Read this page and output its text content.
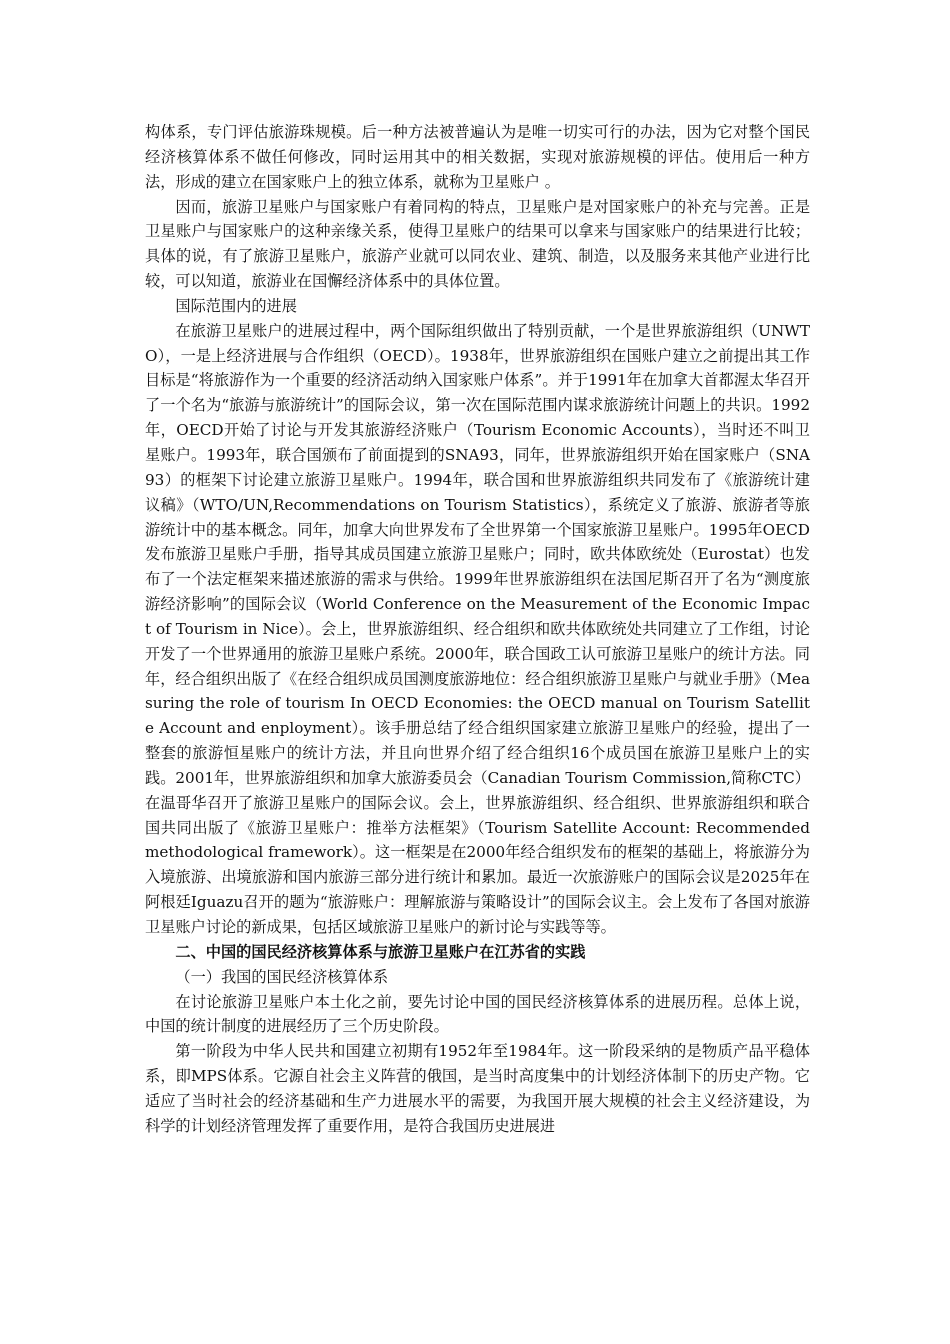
构体系，专门评估旅游珠规模。后一种方法被普遍认为是唯一切实可行的办法，因为它对整个国民经济核算体系不做任何修改，同时运用其中的相关数据，实现对旅游规模的评估。使用后一种方法，形成的建立在国家账户上的独立体系，就称为卫星账户 。

因而，旅游卫星账户与国家账户有着同构的特点，卫星账户是对国家账户的补充与完善。正是卫星账户与国家账户的这种亲缘关系，使得卫星账户的结果可以拿来与国家账户的结果进行比较；具体的说，有了旅游卫星账户，旅游产业就可以同农业、建筑、制造，以及服务来其他产业进行比较，可以知道，旅游业在国懈经济体系中的具体位置。

国际范围内的进展

在旅游卫星账户的进展过程中，两个国际组织做出了特别贡献，一个是世界旅游组织（UNWTO），一是上经济进展与合作组织（OECD）。1938年，世界旅游组织在国账户建立之前提出其工作目标是“将旅游作为一个重要的经济活动纳入国家账户体系”。并于1991年在加拿大首都渥太华召开了一个名为“旅游与旅游统计”的国际会议，第一次在国际范围内谋求旅游统计问题上的共识。1992年，OECD开始了讨论与开发其旅游经济账户（Tourism Economic Accounts），当时还不叫卫星账户。1993年，联合国颁布了前面提到的SNA93，同年，世界旅游组织开始在国家账户（SNA93）的框架下讨论建立旅游卫星账户。1994年，联合国和世界旅游组织共同发布了《旅游统计建议稿》（WTO/UN,Recommendations on Tourism Statistics），系统定义了旅游、旅游者等旅游统计中的基本概念。同年，加拿大向世界发布了全世界第一个国家旅游卫星账户。1995年OECD发布旅游卫星账户手册，指导其成员国建立旅游卫星账户；同时，欧共体欧统处（Eurostat）也发布了一个法定框架来描述旅游的需求与供给。1999年世界旅游组织在法国尼斯召开了名为“测度旅游经济影响”的国际会议（World Conference on the Measurement of the Economic Impact of Tourism in Nice）。会上，世界旅游组织、经合组织和欧共体欧统处共同建立了工作组，讨论开发了一个世界通用的旅游卫星账户系统。2000年，联合国政工认可旅游卫星账户的统计方法。同年，经合组织出版了《在经合组织成员国测度旅游地位：经合组织旅游卫星账户与就业手册》（Measuring the role of tourism In OECD Economies: the OECD manual on Tourism Satellite Account and enployment）。该手册总结了经合组织国家建立旅游卫星账户的经验，提出了一整套的旅游恒星账户的统计方法，并且向世界介绍了经合组织16个成员国在旅游卫星账户上的实践。2001年，世界旅游组织和加拿大旅游委员会（Canadian Tourism Commission,简称CTC）在温哥华召开了旅游卫星账户的国际会议。会上，世界旅游组织、经合组织、世界旅游组织和联合国共同出版了《旅游卫星账户：推举方法框架》（Tourism Satellite Account: Recommended methodological framework）。这一框架是在2000年经合组织发布的框架的基础上，将旅游分为入境旅游、出境旅游和国内旅游三部分进行统计和累加。最近一次旅游账户的国际会议是2025年在阿根廷Iguazu召开的题为“旅游账户：理解旅游与策略设计”的国际会议主。会上发布了各国对旅游卫星账户讨论的新成果，包括区域旅游卫星账户的新讨论与实践等等。

二、中国的国民经济核算体系与旅游卫星账户在江苏省的实践

（一）我国的国民经济核算体系

在讨论旅游卫星账户本土化之前，要先讨论中国的国民经济核算体系的进展历程。总体上说，中国的统计制度的进展经历了三个历史阶段。

第一阶段为中华人民共和国建立初期有1952年至1984年。这一阶段采纳的是物质产品平稳体系，即MPS体系。它源自社会主义阵营的俄国，是当时高度集中的计划经济体制下的历史产物。它适应了当时社会的经济基础和生产力进展水平的需要，为我国开展大规模的社会主义经济建设，为科学的计划经济管理发挥了重要作用，是符合我国历史进展进
